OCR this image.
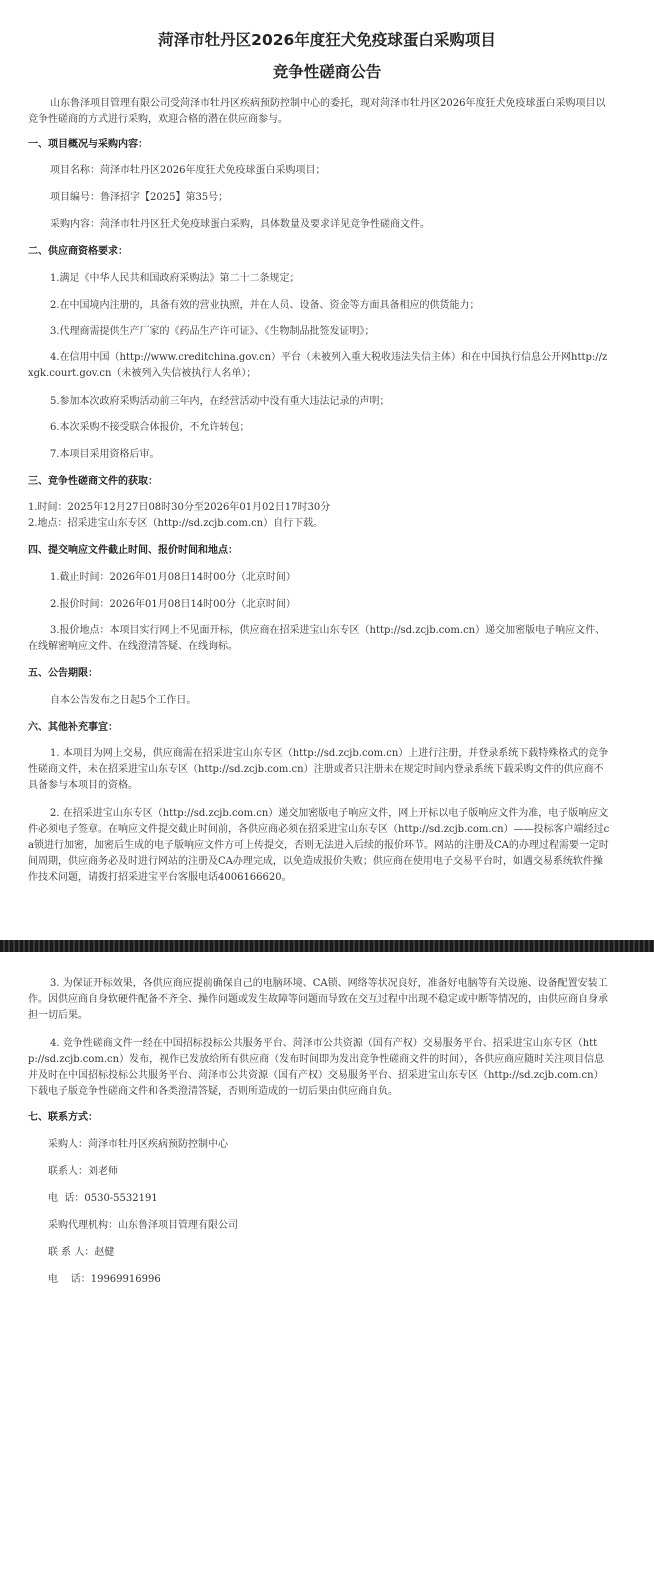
菏泽市牡丹区2026年度狂犬免疫球蛋白采购项目
竞争性磋商公告
山东鲁泽项目管理有限公司受菏泽市牡丹区疾病预防控制中心的委托，现对菏泽市牡丹区2026年度狂犬免疫球蛋白采购项目以竞争性磋商的方式进行采购，欢迎合格的潜在供应商参与。
一、项目概况与采购内容：
项目名称：菏泽市牡丹区2026年度狂犬免疫球蛋白采购项目；
项目编号：鲁泽招字【2025】第35号；
采购内容：菏泽市牡丹区狂犬免疫球蛋白采购，具体数量及要求详见竞争性磋商文件。
二、供应商资格要求：
1.满足《中华人民共和国政府采购法》第二十二条规定；
2.在中国境内注册的，具备有效的营业执照，并在人员、设备、资金等方面具备相应的供货能力；
3.代理商需提供生产厂家的《药品生产许可证》、《生物制品批签发证明》；
4.在信用中国（http://www.creditchina.gov.cn）平台（未被列入重大税收违法失信主体）和在中国执行信息公开网http://zxgk.court.gov.cn（未被列入失信被执行人名单）；
5.参加本次政府采购活动前三年内，在经营活动中没有重大违法记录的声明；
6.本次采购不接受联合体报价，不允许转包；
7.本项目采用资格后审。
三、竞争性磋商文件的获取：
1.时间：2025年12月27日08时30分至2026年01月02日17时30分
2.地点：招采进宝山东专区（http://sd.zcjb.com.cn）自行下载。
四、提交响应文件截止时间、报价时间和地点：
1.截止时间：2026年01月08日14时00分（北京时间）
2.报价时间：2026年01月08日14时00分（北京时间）
3.报价地点：本项目实行网上不见面开标，供应商在招采进宝山东专区（http://sd.zcjb.com.cn）递交加密版电子响应文件、在线解密响应文件、在线澄清答疑、在线询标。
五、公告期限：
自本公告发布之日起5个工作日。
六、其他补充事宜：
1. 本项目为网上交易，供应商需在招采进宝山东专区（http://sd.zcjb.com.cn）上进行注册，并登录系统下载特殊格式的竞争性磋商文件，未在招采进宝山东专区（http://sd.zcjb.com.cn）注册或者只注册未在规定时间内登录系统下载采购文件的供应商不具备参与本项目的资格。
2. 在招采进宝山东专区（http://sd.zcjb.com.cn）递交加密版电子响应文件，网上开标以电子版响应文件为准，电子版响应文件必须电子签章。在响应文件提交截止时间前，各供应商必须在招采进宝山东专区（http://sd.zcjb.com.cn）——投标客户端经过ca锁进行加密，加密后生成的电子版响应文件方可上传提交，否则无法进入后续的报价环节。网站的注册及CA的办理过程需要一定时间周期，供应商务必及时进行网站的注册及CA办理完成，以免造成报价失败；供应商在使用电子交易平台时，如遇交易系统软件操作技术问题，请拨打招采进宝平台客服电话4006166620。
3. 为保证开标效果，各供应商应提前确保自己的电脑环境、CA锁、网络等状况良好，准备好电脑等有关设施、设备配置安装工作。因供应商自身软硬件配备不齐全、操作问题或发生故障等问题而导致在交互过程中出现不稳定或中断等情况的，由供应商自身承担一切后果。
4. 竞争性磋商文件一经在中国招标投标公共服务平台、菏泽市公共资源（国有产权）交易服务平台、招采进宝山东专区（http://sd.zcjb.com.cn）发布，视作已发放给所有供应商（发布时间即为发出竞争性磋商文件的时间），各供应商应随时关注项目信息并及时在中国招标投标公共服务平台、菏泽市公共资源（国有产权）交易服务平台、招采进宝山东专区（http://sd.zcjb.com.cn）下载电子版竞争性磋商文件和各类澄清答疑，否则所造成的一切后果由供应商自负。
七、联系方式：
采购人：菏泽市牡丹区疾病预防控制中心
联系人：刘老师
电  话：0530-5532191
采购代理机构：山东鲁泽项目管理有限公司
联 系 人：赵健
电    话：19969916996
